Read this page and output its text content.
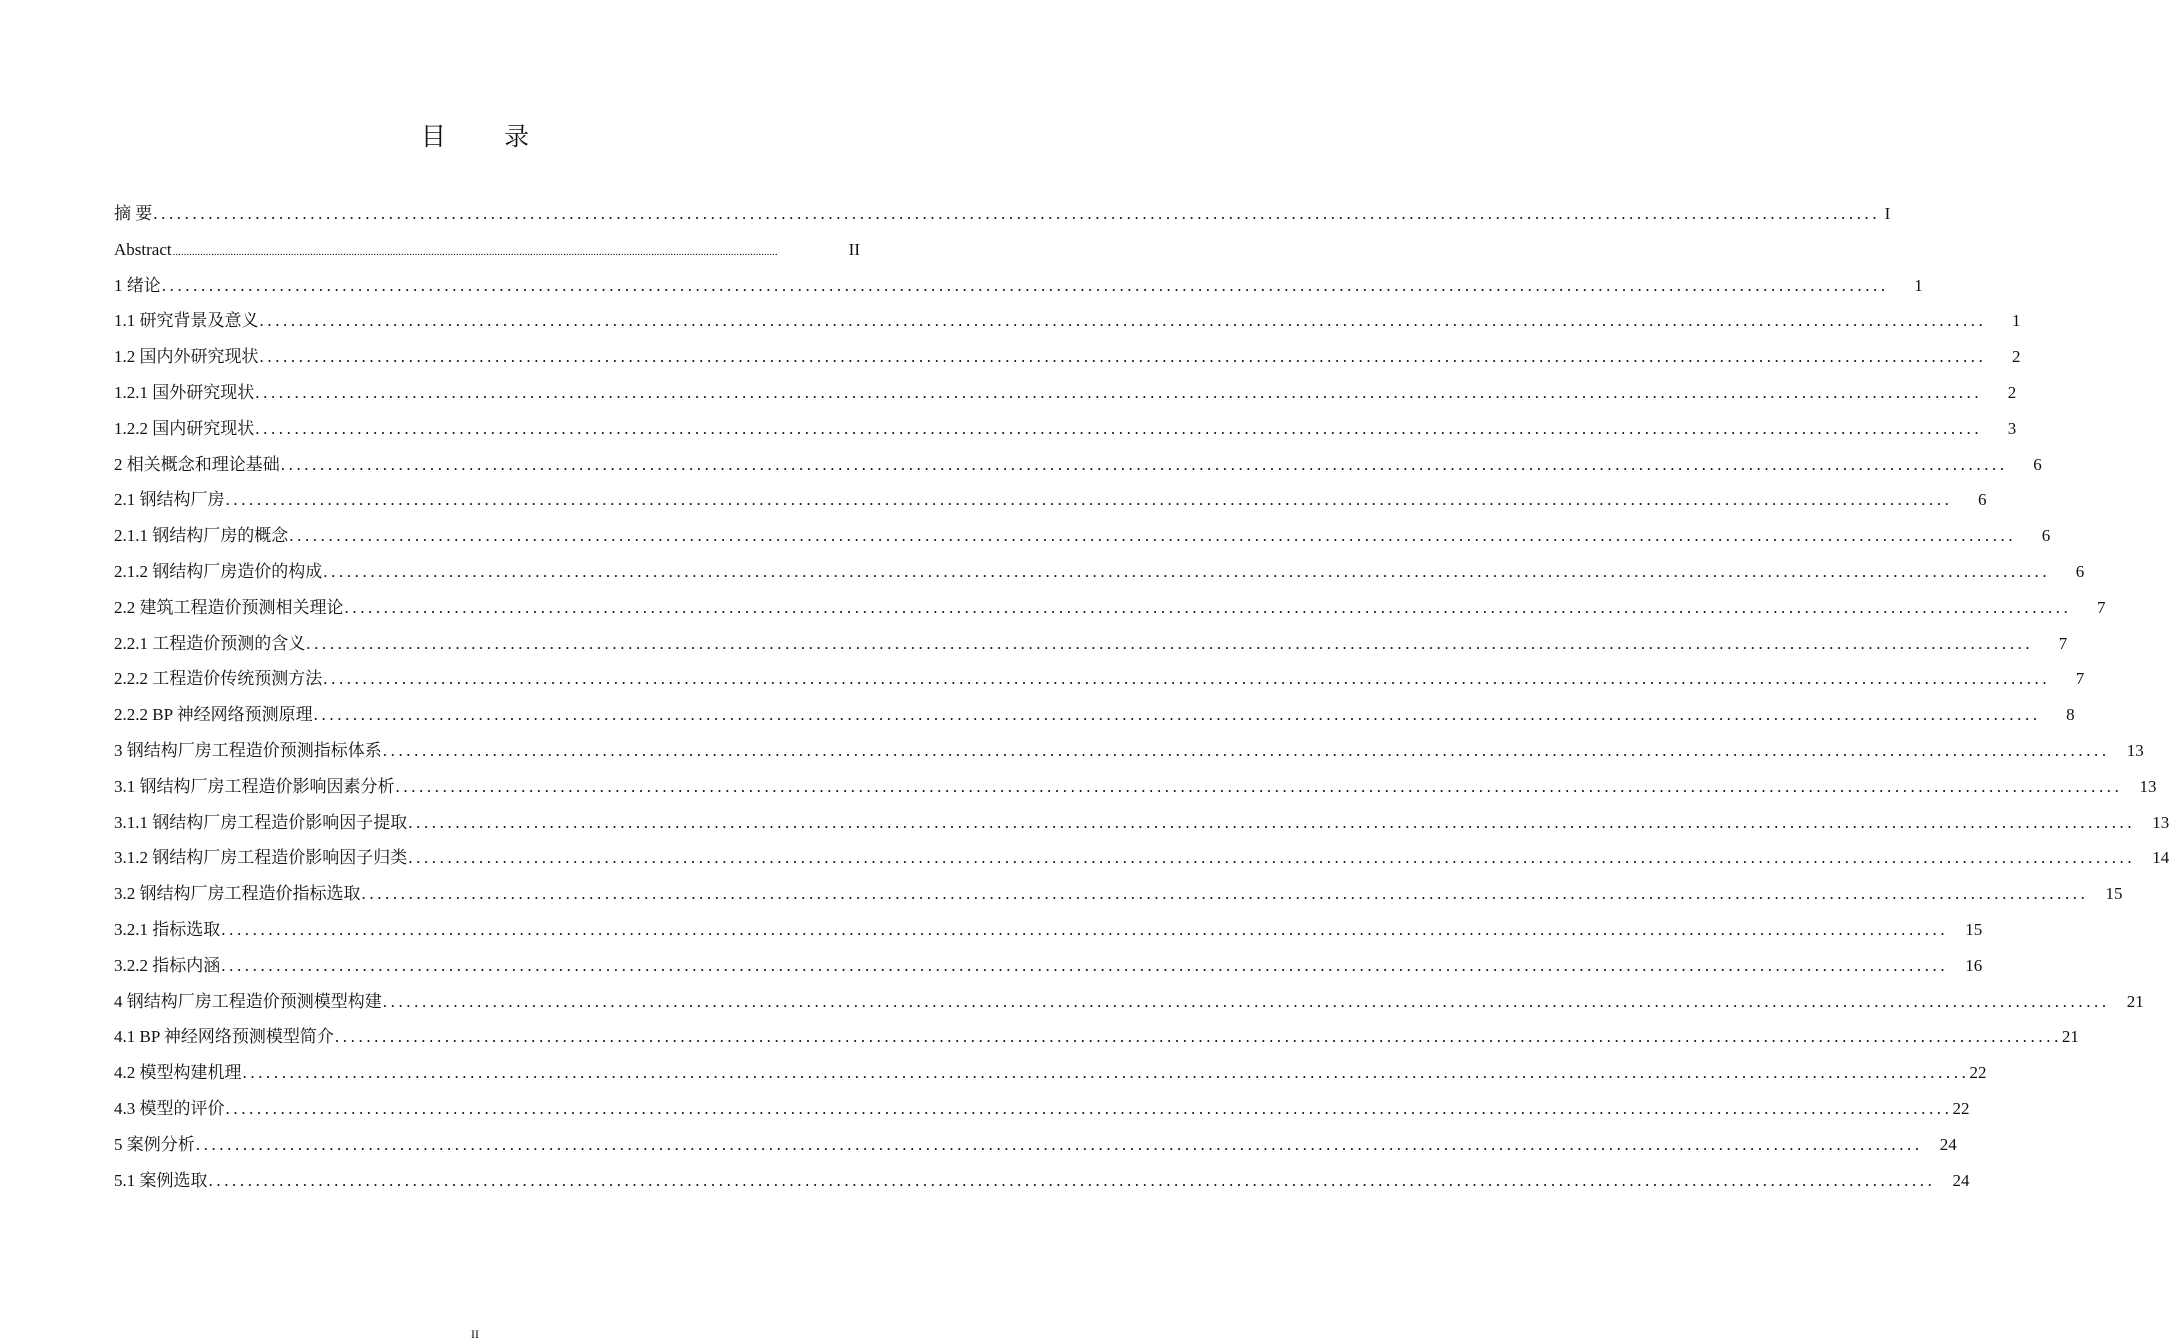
目 录
摘 要 ............................................................................................................................................................................................................................ I
Abstract ............................................................................................................................................................................................................................	II
1 绪论 ............................................................................................................................................................................................................................	1
1.1 研究背景及意义 ............................................................................................................................................................................................................................	1
1.2 国内外研究现状 ............................................................................................................................................................................................................................	2
1.2.1 国外研究现状 ............................................................................................................................................................................................................................	2
1.2.2 国内研究现状 ............................................................................................................................................................................................................................	3
2 相关概念和理论基础 ............................................................................................................................................................................................................................	6
2.1 钢结构厂房 ............................................................................................................................................................................................................................	6
2.1.1 钢结构厂房的概念 ............................................................................................................................................................................................................................	6
2.1.2 钢结构厂房造价的构成 ............................................................................................................................................................................................................................	6
2.2 建筑工程造价预测相关理论 ............................................................................................................................................................................................................................	7
2.2.1 工程造价预测的含义 ............................................................................................................................................................................................................................	7
2.2.2 工程造价传统预测方法 ............................................................................................................................................................................................................................	7
2.2.2 BP 神经网络预测原理 ............................................................................................................................................................................................................................	8
3 钢结构厂房工程造价预测指标体系 ............................................................................................................................................................................................................................	13
3.1 钢结构厂房工程造价影响因素分析 ............................................................................................................................................................................................................................	13
3.1.1 钢结构厂房工程造价影响因子提取 ............................................................................................................................................................................................................................	13
3.1.2 钢结构厂房工程造价影响因子归类 ............................................................................................................................................................................................................................	14
3.2 钢结构厂房工程造价指标选取 ............................................................................................................................................................................................................................	15
3.2.1 指标选取 ............................................................................................................................................................................................................................	15
3.2.2 指标内涵 ............................................................................................................................................................................................................................	16
4 钢结构厂房工程造价预测模型构建 ............................................................................................................................................................................................................................	21
4.1 BP 神经网络预测模型简介 ............................................................................................................................................................................................................................ 21
4.2 模型构建机理 ............................................................................................................................................................................................................................ 22
4.3 模型的评价 ............................................................................................................................................................................................................................ 22
5 案例分析 ............................................................................................................................................................................................................................	24
5.1 案例选取 ............................................................................................................................................................................................................................	24
II
